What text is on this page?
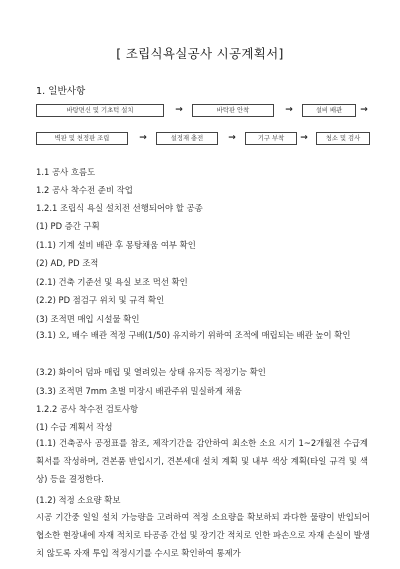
[ 조립식욕실공사 시공계획서]
1. 일반사항
바탕면신 및 기초턱 설치	→	바탁판 안착	→	설비 배관	→
벽판 및 천정판 조립	→	설정재 충전	→	기구 부착	→	청소 및 검사
1.1 공사 흐름도
1.2 공사 착수전 준비 작업
1.2.1 조립식 욕실 설치전 선행되어야 할 공종
(1) PD 증간 구획
(1.1) 기계 설비 배관 후 몽탕채움 여부 확인
(2) AD, PD 조적
(2.1) 건축 기준선 및 욕실 보조 먹선 확인
(2.2) PD 점검구 위치 및 규격 확인
(3) 조적면 매입 시설물 확인
(3.1) 오, 배수 배관 적정 구배(1/50) 유지하기 위하여 조적에 매립되는 배관 높이 확인
(3.2) 화이어 덤파 매립 및 열려있는 상태 유지등 적정기능 확인
(3.3) 조적면 7mm 초벌 미장시 배관주위 밀실하게 채움
1.2.2 공사 착수전 검토사항
(1) 수급 계획서 작성
(1.1) 건축공사 공정표를 참조, 제작기간을 감안하여 최소한 소요 시기 1~2개월전 수급계획서를 작성하며, 견본품 반입시기, 견본세대 설치 계획 및 내부 색상 계획(타일 규격 및 색상) 등을 결정한다.
(1.2) 적정 소요량 확보
시공 기간중 일일 설치 가능량을 고려하여 적정 소요량을 확보하되 과다한 물량이 반입되어 협소한 현장내에 자재 적치로 타공종 간섭 및 장기간 적치로 인한 파손으로 자재 손실이 발생치 않도록 자재 투입 적정시기를 수시로 확인하여 통제가
